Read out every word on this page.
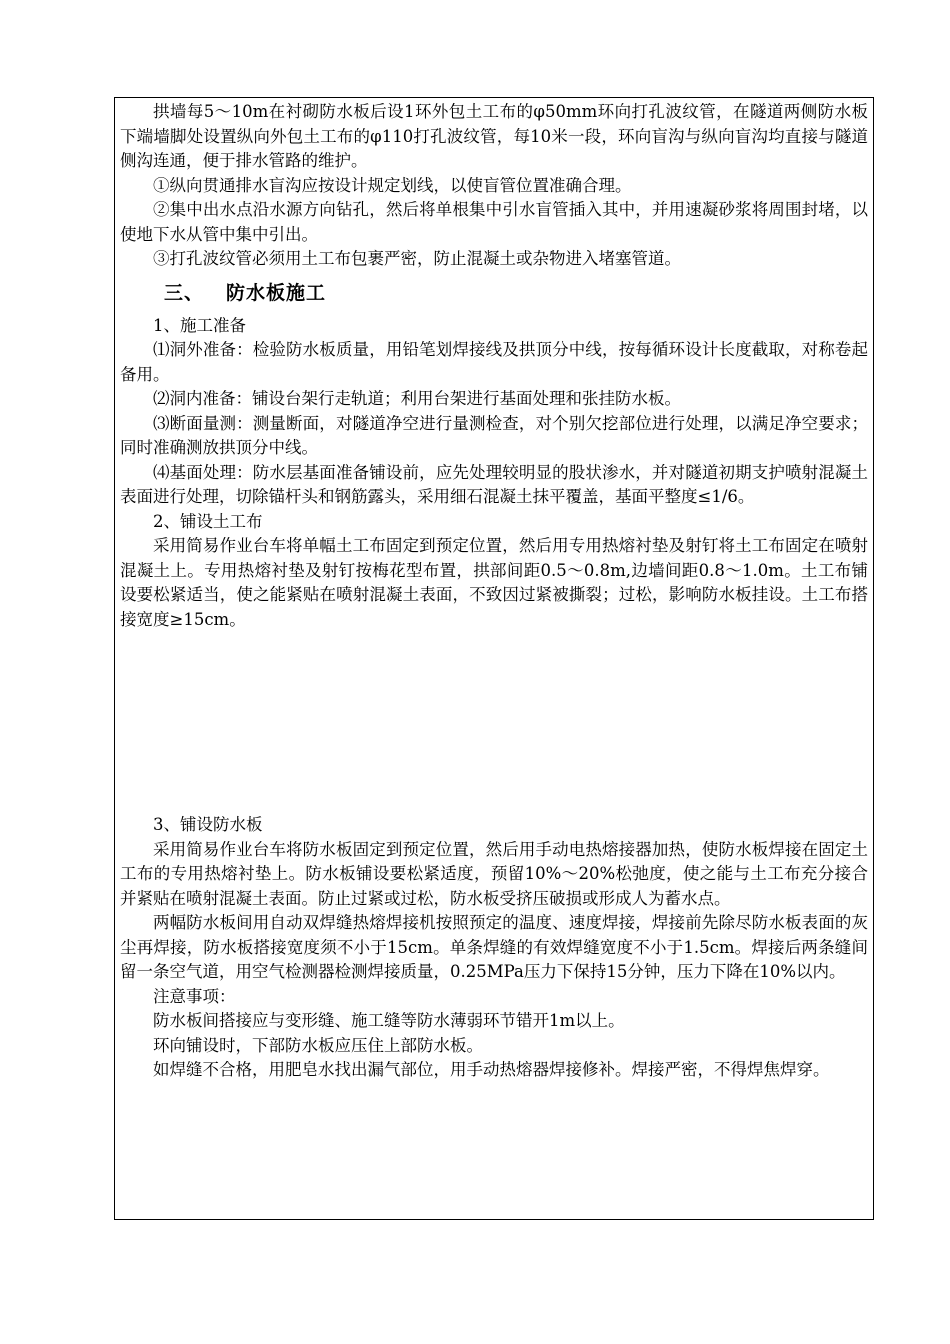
拱墙每5～10m在衬砌防水板后设1环外包土工布的φ50mm环向打孔波纹管，在隧道两侧防水板下端墙脚处设置纵向外包土工布的φ110打孔波纹管，每10米一段，环向盲沟与纵向盲沟均直接与隧道侧沟连通，便于排水管路的维护。

①纵向贯通排水盲沟应按设计规定划线，以使盲管位置准确合理。

②集中出水点沿水源方向钻孔，然后将单根集中引水盲管插入其中，并用速凝砂浆将周围封堵，以使地下水从管中集中引出。

③打孔波纹管必须用土工布包裹严密，防止混凝土或杂物进入堵塞管道。

三、 防水板施工

1、施工准备

⑴洞外准备：检验防水板质量，用铅笔划焊接线及拱顶分中线，按每循环设计长度截取，对称卷起备用。

⑵洞内准备：铺设台架行走轨道；利用台架进行基面处理和张挂防水板。

⑶断面量测：测量断面，对隧道净空进行量测检查，对个别欠挖部位进行处理，以满足净空要求；同时准确测放拱顶分中线。

⑷基面处理：防水层基面准备铺设前，应先处理较明显的股状渗水，并对隧道初期支护喷射混凝土表面进行处理，切除锚杆头和钢筋露头，采用细石混凝土抹平覆盖，基面平整度≤1/6。

2、铺设土工布

采用简易作业台车将单幅土工布固定到预定位置，然后用专用热熔衬垫及射钉将土工布固定在喷射混凝土上。专用热熔衬垫及射钉按梅花型布置，拱部间距0.5～0.8m,边墙间距0.8～1.0m。土工布铺设要松紧适当，使之能紧贴在喷射混凝土表面，不致因过紧被撕裂；过松，影响防水板挂设。土工布搭接宽度≥15cm。

3、铺设防水板

采用简易作业台车将防水板固定到预定位置，然后用手动电热熔接器加热，使防水板焊接在固定土工布的专用热熔衬垫上。防水板铺设要松紧适度，预留10%～20%松弛度，使之能与土工布充分接合并紧贴在喷射混凝土表面。防止过紧或过松，防水板受挤压破损或形成人为蓄水点。

两幅防水板间用自动双焊缝热熔焊接机按照预定的温度、速度焊接，焊接前先除尽防水板表面的灰尘再焊接，防水板搭接宽度须不小于15cm。单条焊缝的有效焊缝宽度不小于1.5cm。焊接后两条缝间留一条空气道，用空气检测器检测焊接质量，0.25MPa压力下保持15分钟，压力下降在10%以内。

注意事项：

防水板间搭接应与变形缝、施工缝等防水薄弱环节错开1m以上。

环向铺设时，下部防水板应压住上部防水板。

如焊缝不合格，用肥皂水找出漏气部位，用手动热熔器焊接修补。焊接严密，不得焊焦焊穿。
